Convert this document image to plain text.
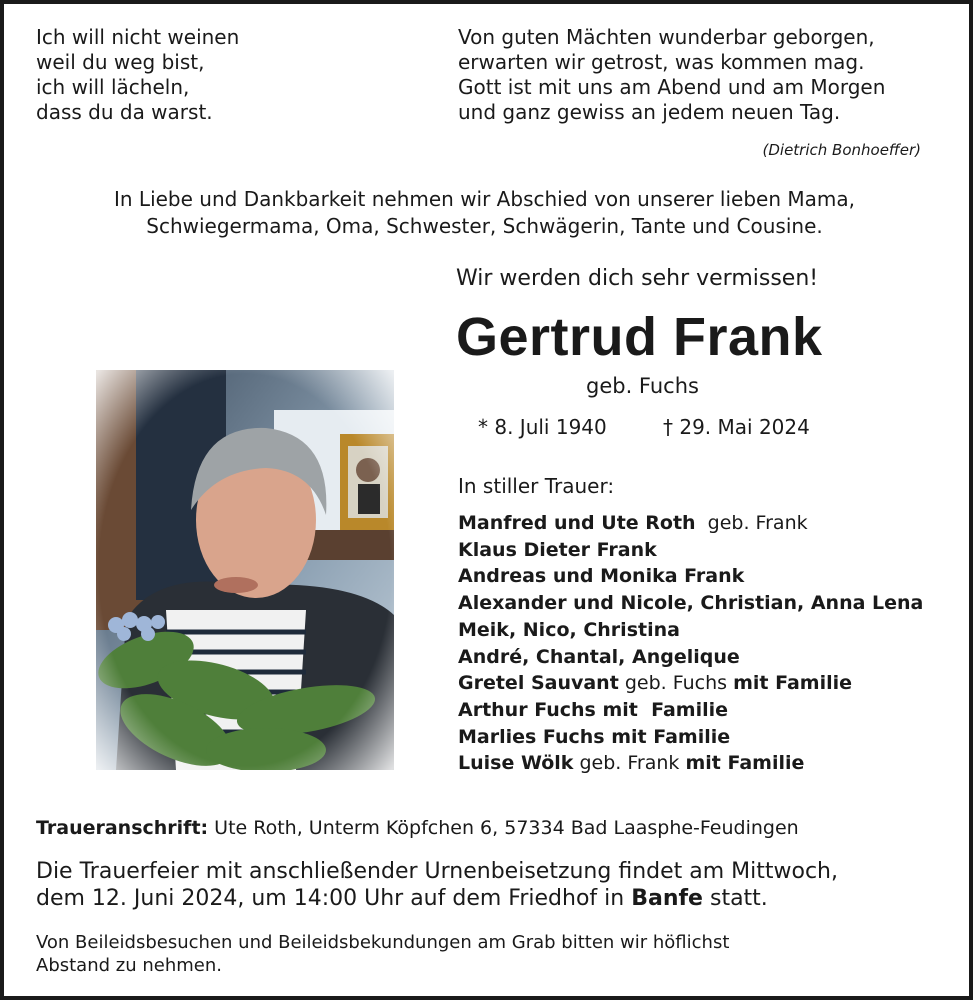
Ich will nicht weinen
weil du weg bist,
ich will lächeln,
dass du da warst.
Von guten Mächten wunderbar geborgen,
erwarten wir getrost, was kommen mag.
Gott ist mit uns am Abend und am Morgen
und ganz gewiss an jedem neuen Tag.
(Dietrich Bonhoeffer)
In Liebe und Dankbarkeit nehmen wir Abschied von unserer lieben Mama,
Schwiegermama, Oma, Schwester, Schwägerin, Tante und Cousine.
Wir werden dich sehr vermissen!
Gertrud Frank
geb. Fuchs
* 8. Juli 1940	† 29. Mai 2024
In stiller Trauer:
Manfred und Ute Roth geb. Frank
Klaus Dieter Frank
Andreas und Monika Frank
Alexander und Nicole, Christian, Anna Lena
Meik, Nico, Christina
André, Chantal, Angelique
Gretel Sauvant geb. Fuchs mit Familie
Arthur Fuchs mit  Familie
Marlies Fuchs mit Familie
Luise Wölk geb. Frank mit Familie
Traueranschrift: Ute Roth, Unterm Köpfchen 6, 57334 Bad Laasphe-Feudingen
Die Trauerfeier mit anschließender Urnenbeisetzung findet am Mittwoch,
dem 12. Juni 2024, um 14:00 Uhr auf dem Friedhof in Banfe statt.
Von Beileidsbesuchen und Beileidsbekundungen am Grab bitten wir höflichst
Abstand zu nehmen.
